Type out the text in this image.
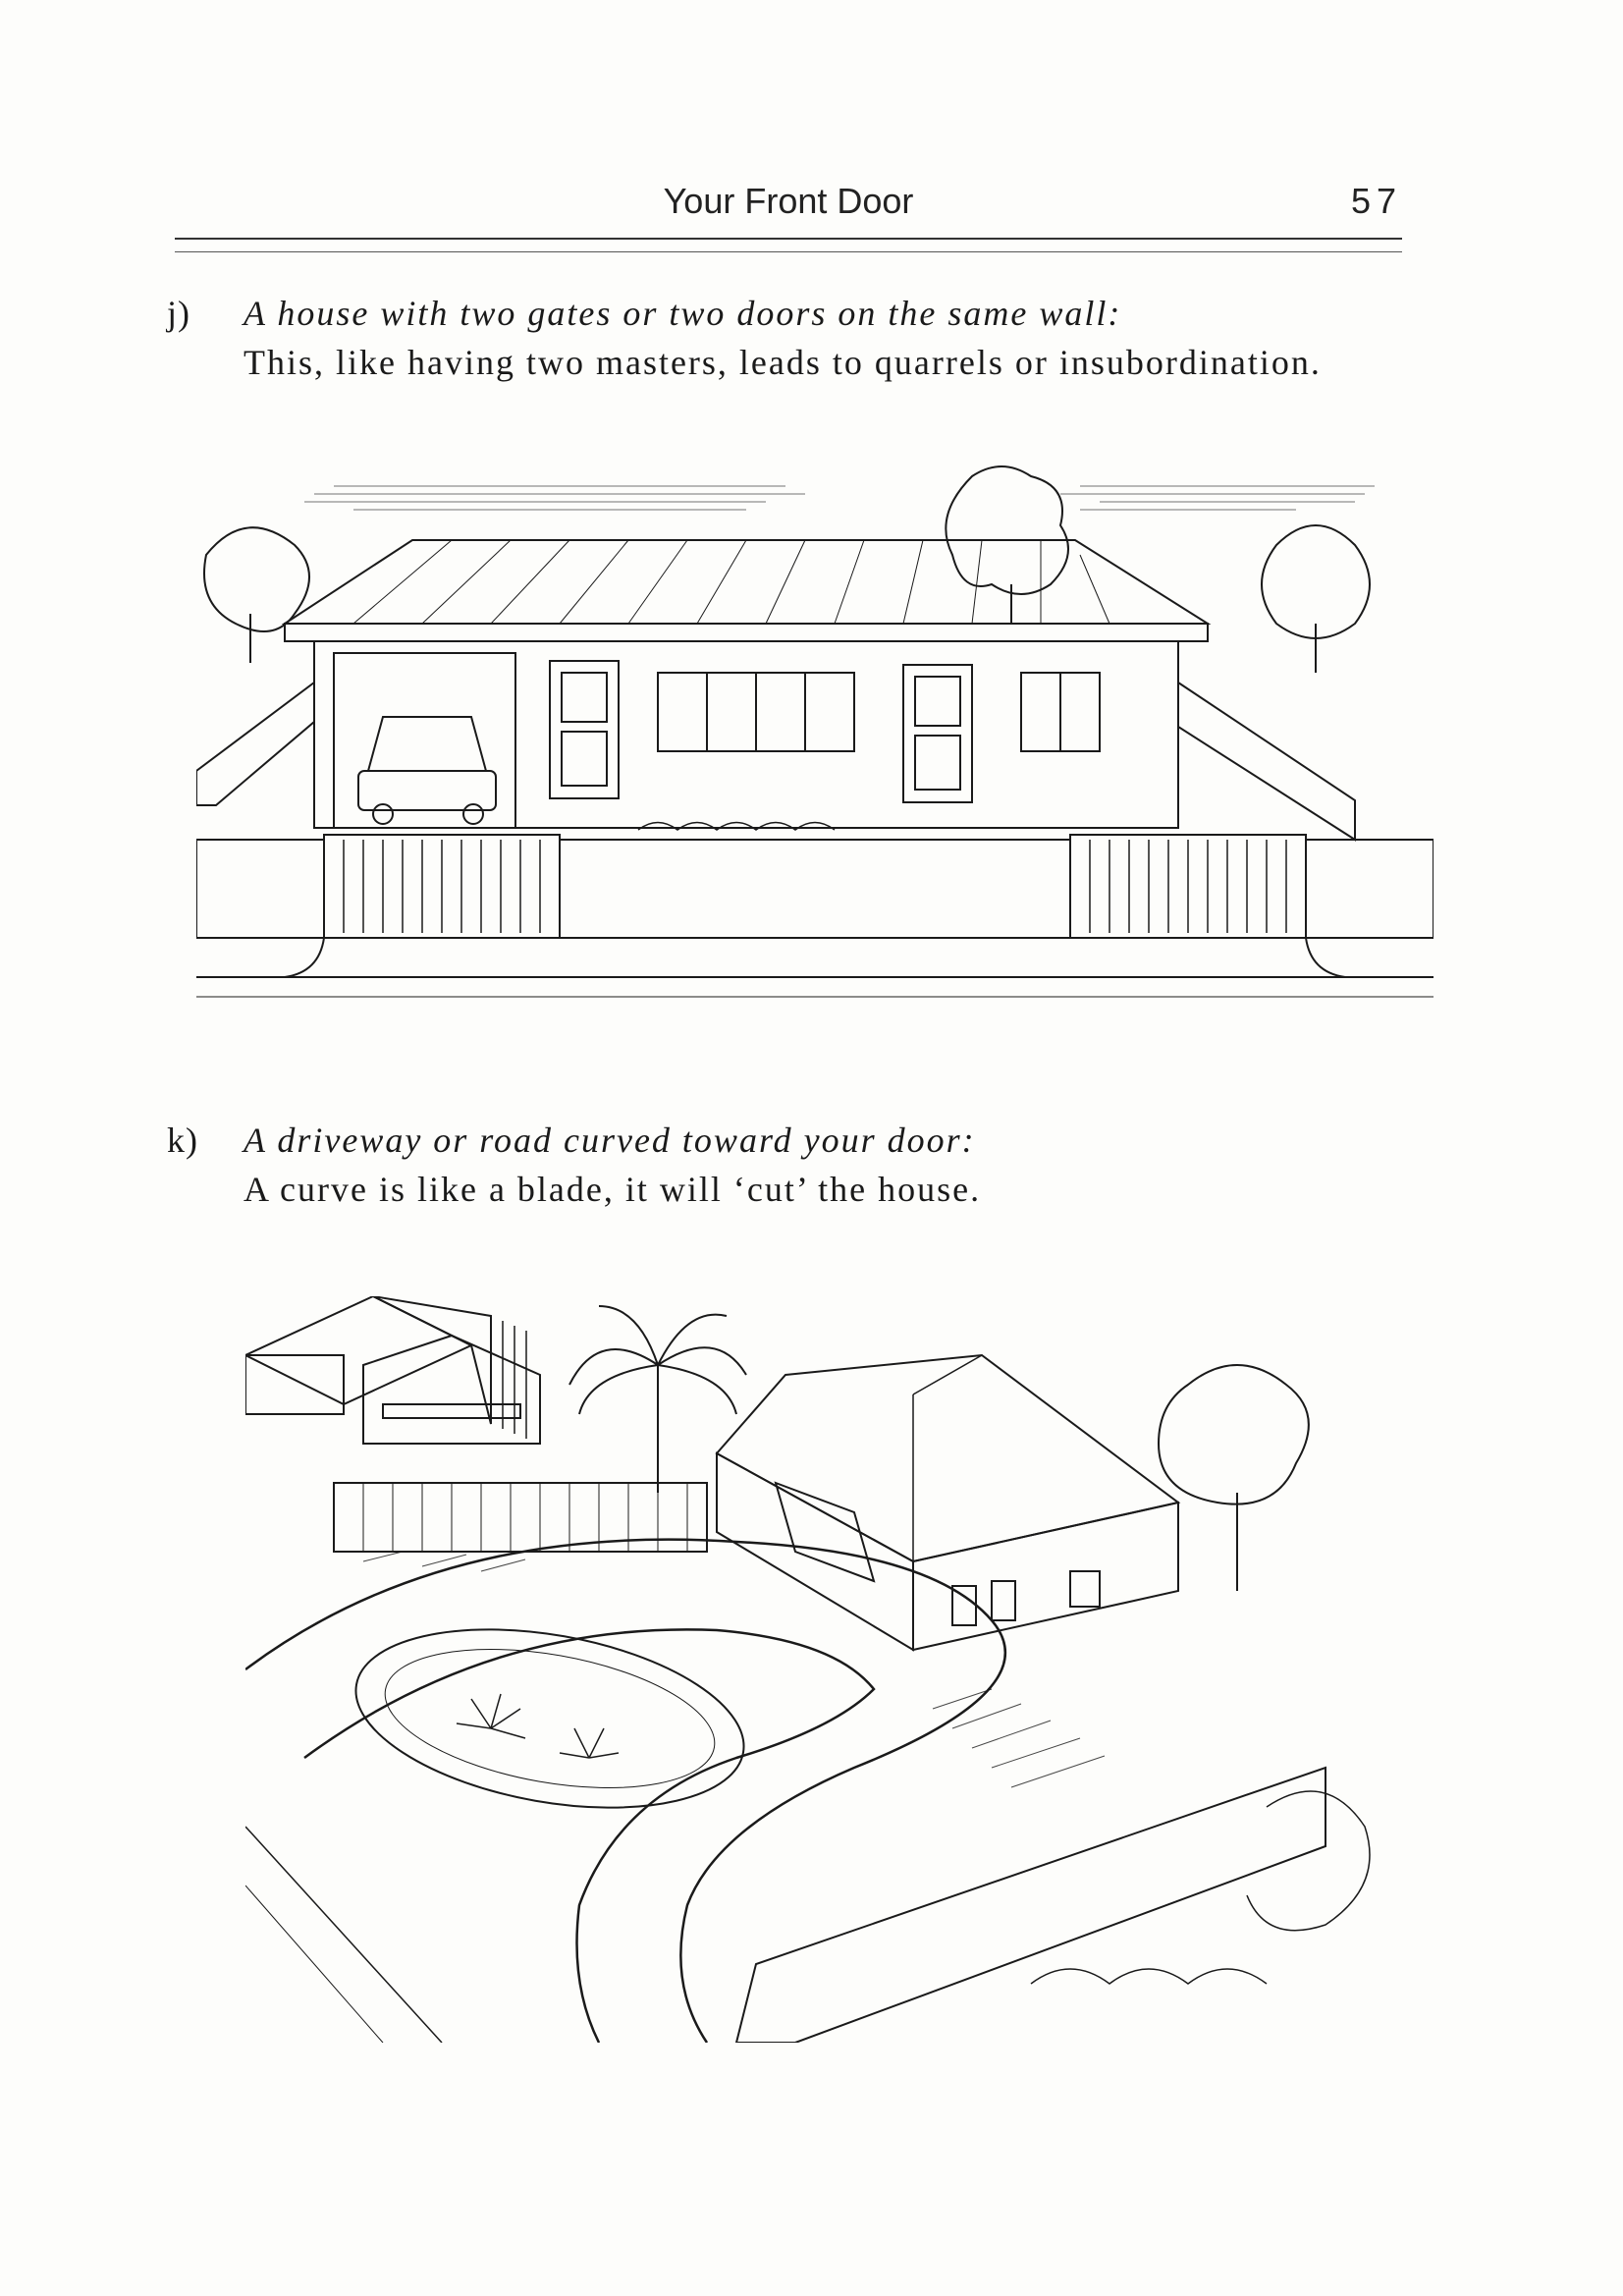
Your Front Door	57
j) A house with two gates or two doors on the same wall:
This, like having two masters, leads to quarrels or insubordination.
k) A driveway or road curved toward your door:
A curve is like a blade, it will ‘cut’ the house.
